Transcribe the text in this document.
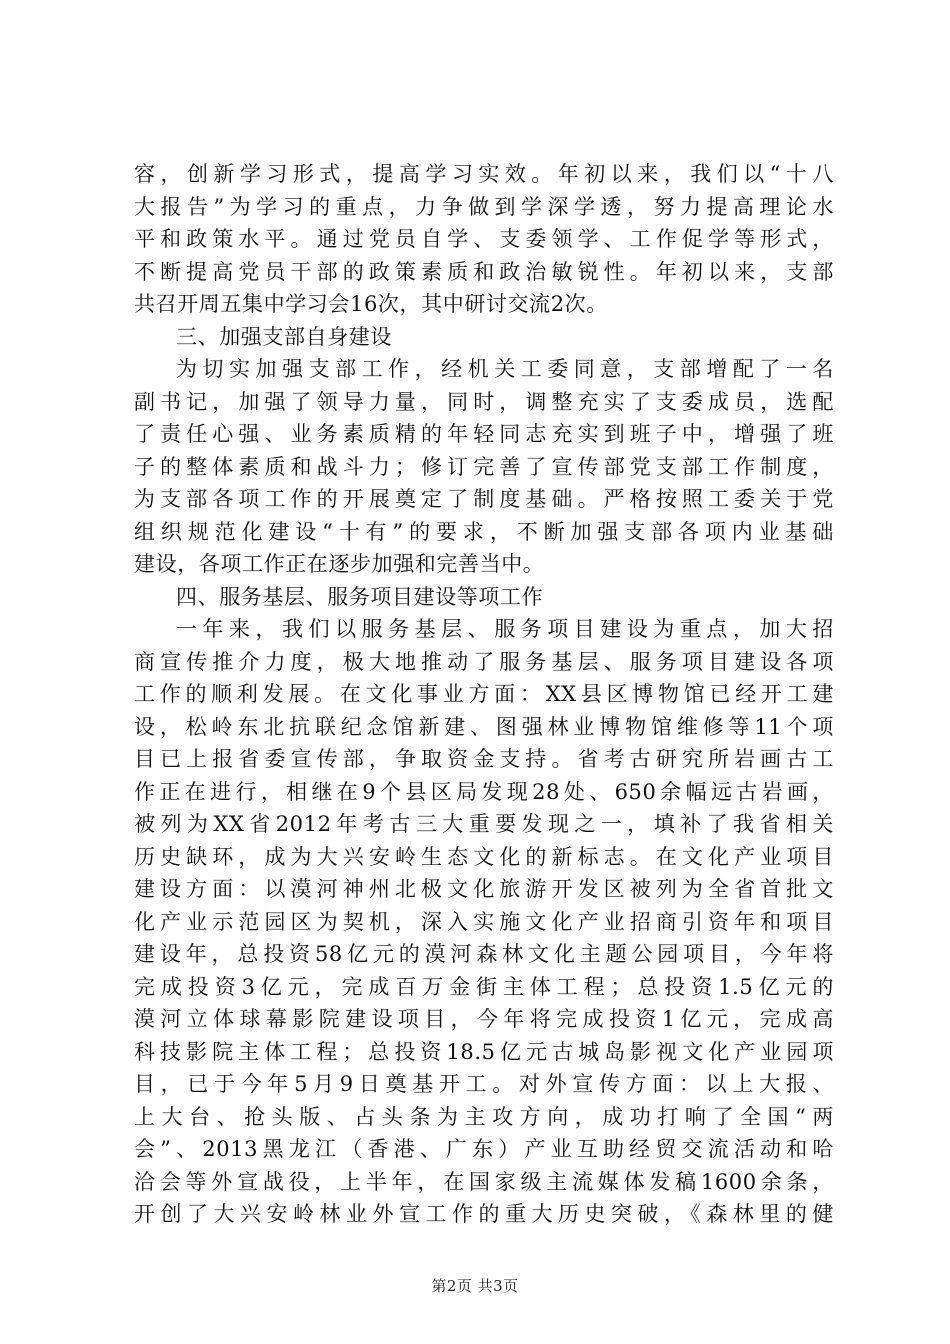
容，创新学习形式，提高学习实效。年初以来，我们以“十八
大报告”为学习的重点，力争做到学深学透，努力提高理论水
平和政策水平。通过党员自学、支委领学、工作促学等形式，
不断提高党员干部的政策素质和政治敏锐性。年初以来，支部
共召开周五集中学习会16次，其中研讨交流2次。
三、加强支部自身建设
为切实加强支部工作，经机关工委同意，支部增配了一名
副书记，加强了领导力量，同时，调整充实了支委成员，选配
了责任心强、业务素质精的年轻同志充实到班子中，增强了班
子的整体素质和战斗力；修订完善了宣传部党支部工作制度，
为支部各项工作的开展奠定了制度基础。严格按照工委关于党
组织规范化建设“十有”的要求，不断加强支部各项内业基础
建设，各项工作正在逐步加强和完善当中。
四、服务基层、服务项目建设等项工作
一年来，我们以服务基层、服务项目建设为重点，加大招
商宣传推介力度，极大地推动了服务基层、服务项目建设各项
工作的顺利发展。在文化事业方面：XX县区博物馆已经开工建
设，松岭东北抗联纪念馆新建、图强林业博物馆维修等11个项
目已上报省委宣传部，争取资金支持。省考古研究所岩画古工
作正在进行，相继在9个县区局发现28处、650余幅远古岩画，
被列为XX省2012年考古三大重要发现之一，填补了我省相关
历史缺环，成为大兴安岭生态文化的新标志。在文化产业项目
建设方面：以漠河神州北极文化旅游开发区被列为全省首批文
化产业示范园区为契机，深入实施文化产业招商引资年和项目
建设年，总投资58亿元的漠河森林文化主题公园项目，今年将
完成投资3亿元，完成百万金街主体工程；总投资1.5亿元的
漠河立体球幕影院建设项目，今年将完成投资1亿元，完成高
科技影院主体工程；总投资18.5亿元古城岛影视文化产业园项
目，已于今年5月9日奠基开工。对外宣传方面：以上大报、
上大台、抢头版、占头条为主攻方向，成功打响了全国“两
会”、2013黑龙江（香港、广东）产业互助经贸交流活动和哈
洽会等外宣战役，上半年，在国家级主流媒体发稿1600余条，
开创了大兴安岭林业外宣工作的重大历史突破，《森林里的健
第2页 共3页
